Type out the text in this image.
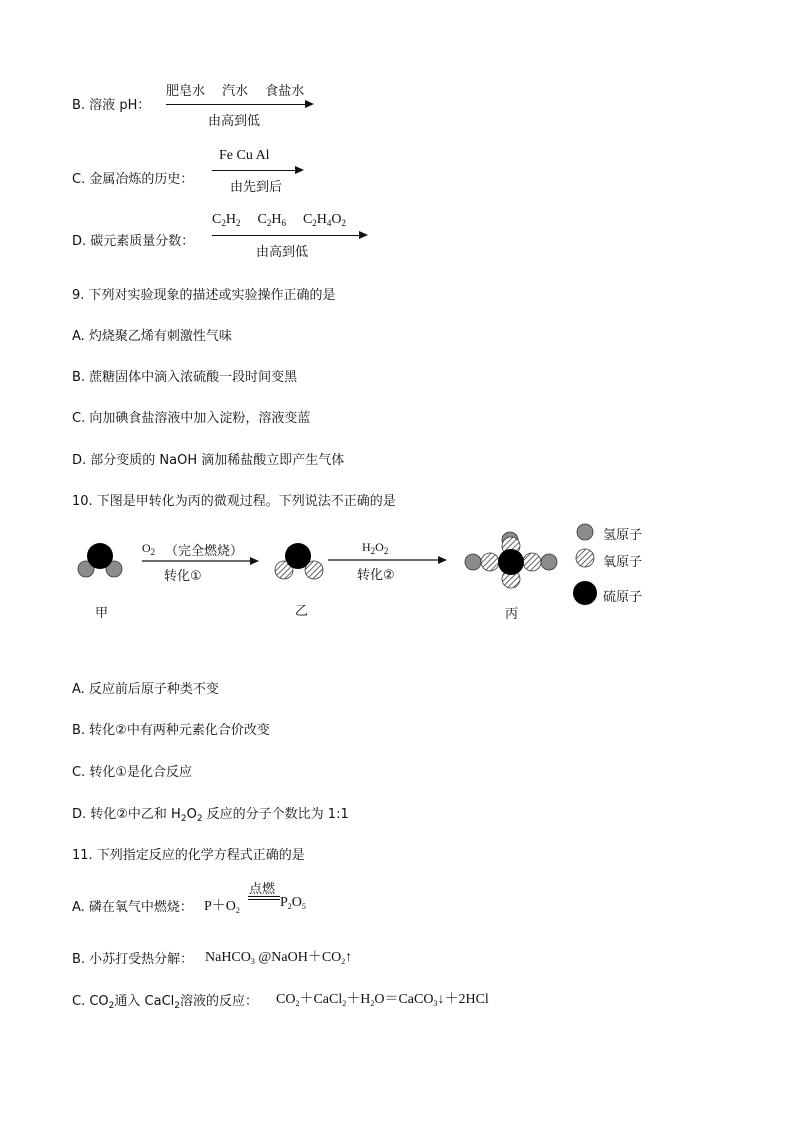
B. 溶液 pH：
肥皂水　 汽水　 食盐水
由高到低
C. 金属冶炼的历史：
Fe Cu Al
由先到后
D. 碳元素质量分数：
$C_2H_2$ $C_2H_6$ $C_2H_4O_2$
由高到低
9. 下列对实验现象的描述或实验操作正确的是
A. 灼烧聚乙烯有刺激性气味
B. 蔗糖固体中滴入浓硫酸一段时间变黑
C. 向加碘食盐溶液中加入淀粉，溶液变蓝
D. 部分变质的 NaOH 滴加稀盐酸立即产生气体
10. 下图是甲转化为丙的微观过程。下列说法不正确的是
$O_2$ （完全燃烧）
转化①
$H_2O_2$
转化②
甲	乙	丙
氢原子
氧原子
硫原子
A. 反应前后原子种类不变
B. 转化②中有两种元素化合价改变
C. 转化①是化合反应
D. 转化②中乙和 $H_2O_2$ 反应的分子个数比为 1:1
11. 下列指定反应的化学方程式正确的是
A. 磷在氧气中燃烧： $P+O_2$
点燃
$P_2O_5$
B. 小苏打受热分解： NaHCO$_3$ $@NaOH+CO_2↑$
C. $CO_2$通入 CaCl$_2$溶液的反应： $CO_2+CaCl_2+H_2O=CaCO_3↓+2HCl$
